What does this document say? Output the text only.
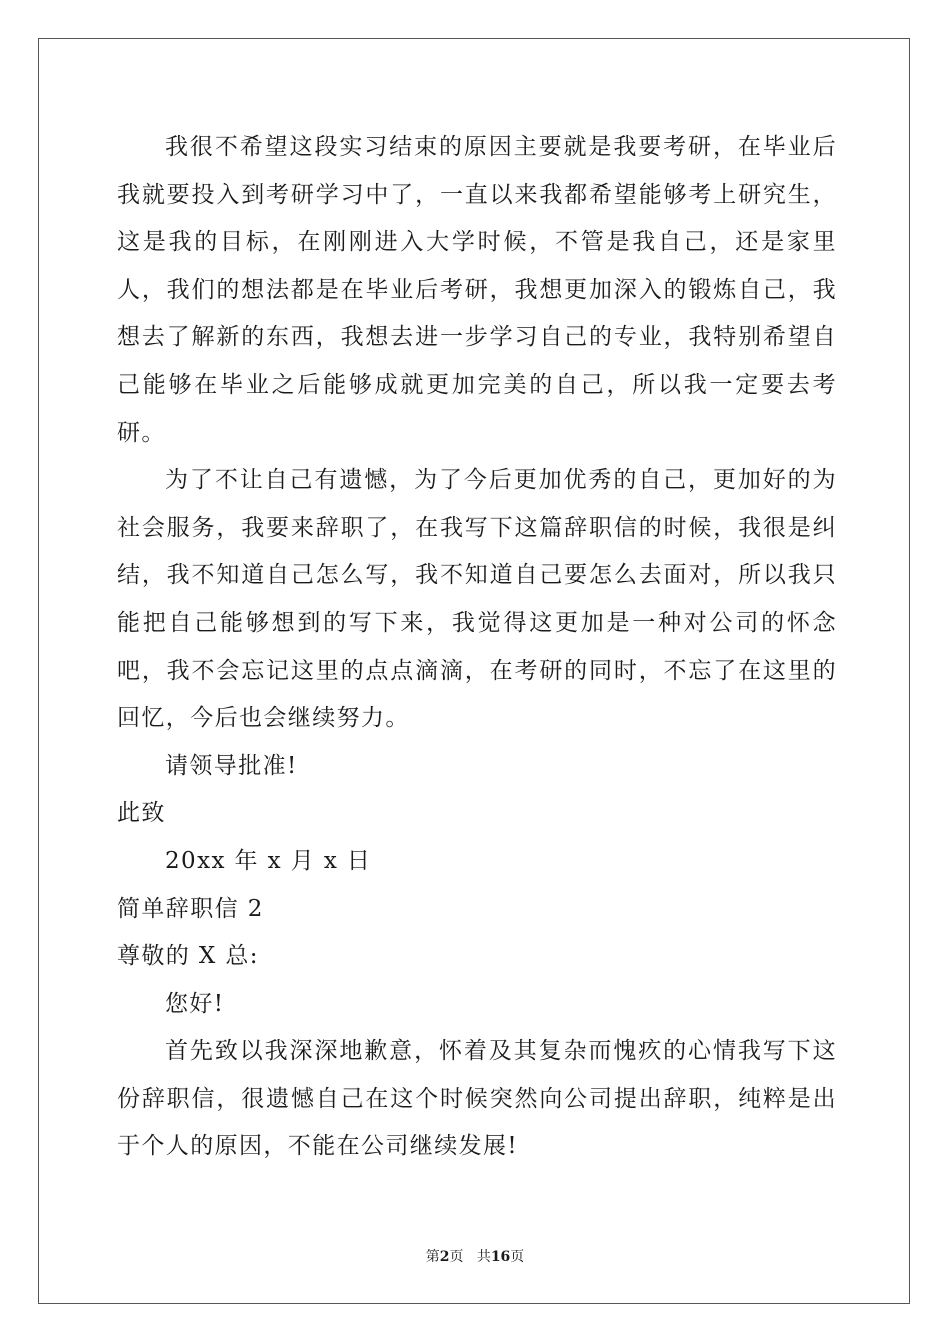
我很不希望这段实习结束的原因主要就是我要考研，在毕业后我就要投入到考研学习中了，一直以来我都希望能够考上研究生，这是我的目标，在刚刚进入大学时候，不管是我自己，还是家里人，我们的想法都是在毕业后考研，我想更加深入的锻炼自己，我想去了解新的东西，我想去进一步学习自己的专业，我特别希望自己能够在毕业之后能够成就更加完美的自己，所以我一定要去考研。

为了不让自己有遗憾，为了今后更加优秀的自己，更加好的为社会服务，我要来辞职了，在我写下这篇辞职信的时候，我很是纠结，我不知道自己怎么写，我不知道自己要怎么去面对，所以我只能把自己能够想到的写下来，我觉得这更加是一种对公司的怀念吧，我不会忘记这里的点点滴滴，在考研的同时，不忘了在这里的回忆，今后也会继续努力。

请领导批准!

此致

20xx 年 x 月 x 日

简单辞职信 2

尊敬的 X 总:

您好!

首先致以我深深地歉意，怀着及其复杂而愧疚的心情我写下这份辞职信，很遗憾自己在这个时候突然向公司提出辞职，纯粹是出于个人的原因，不能在公司继续发展!

第2页 共16页
